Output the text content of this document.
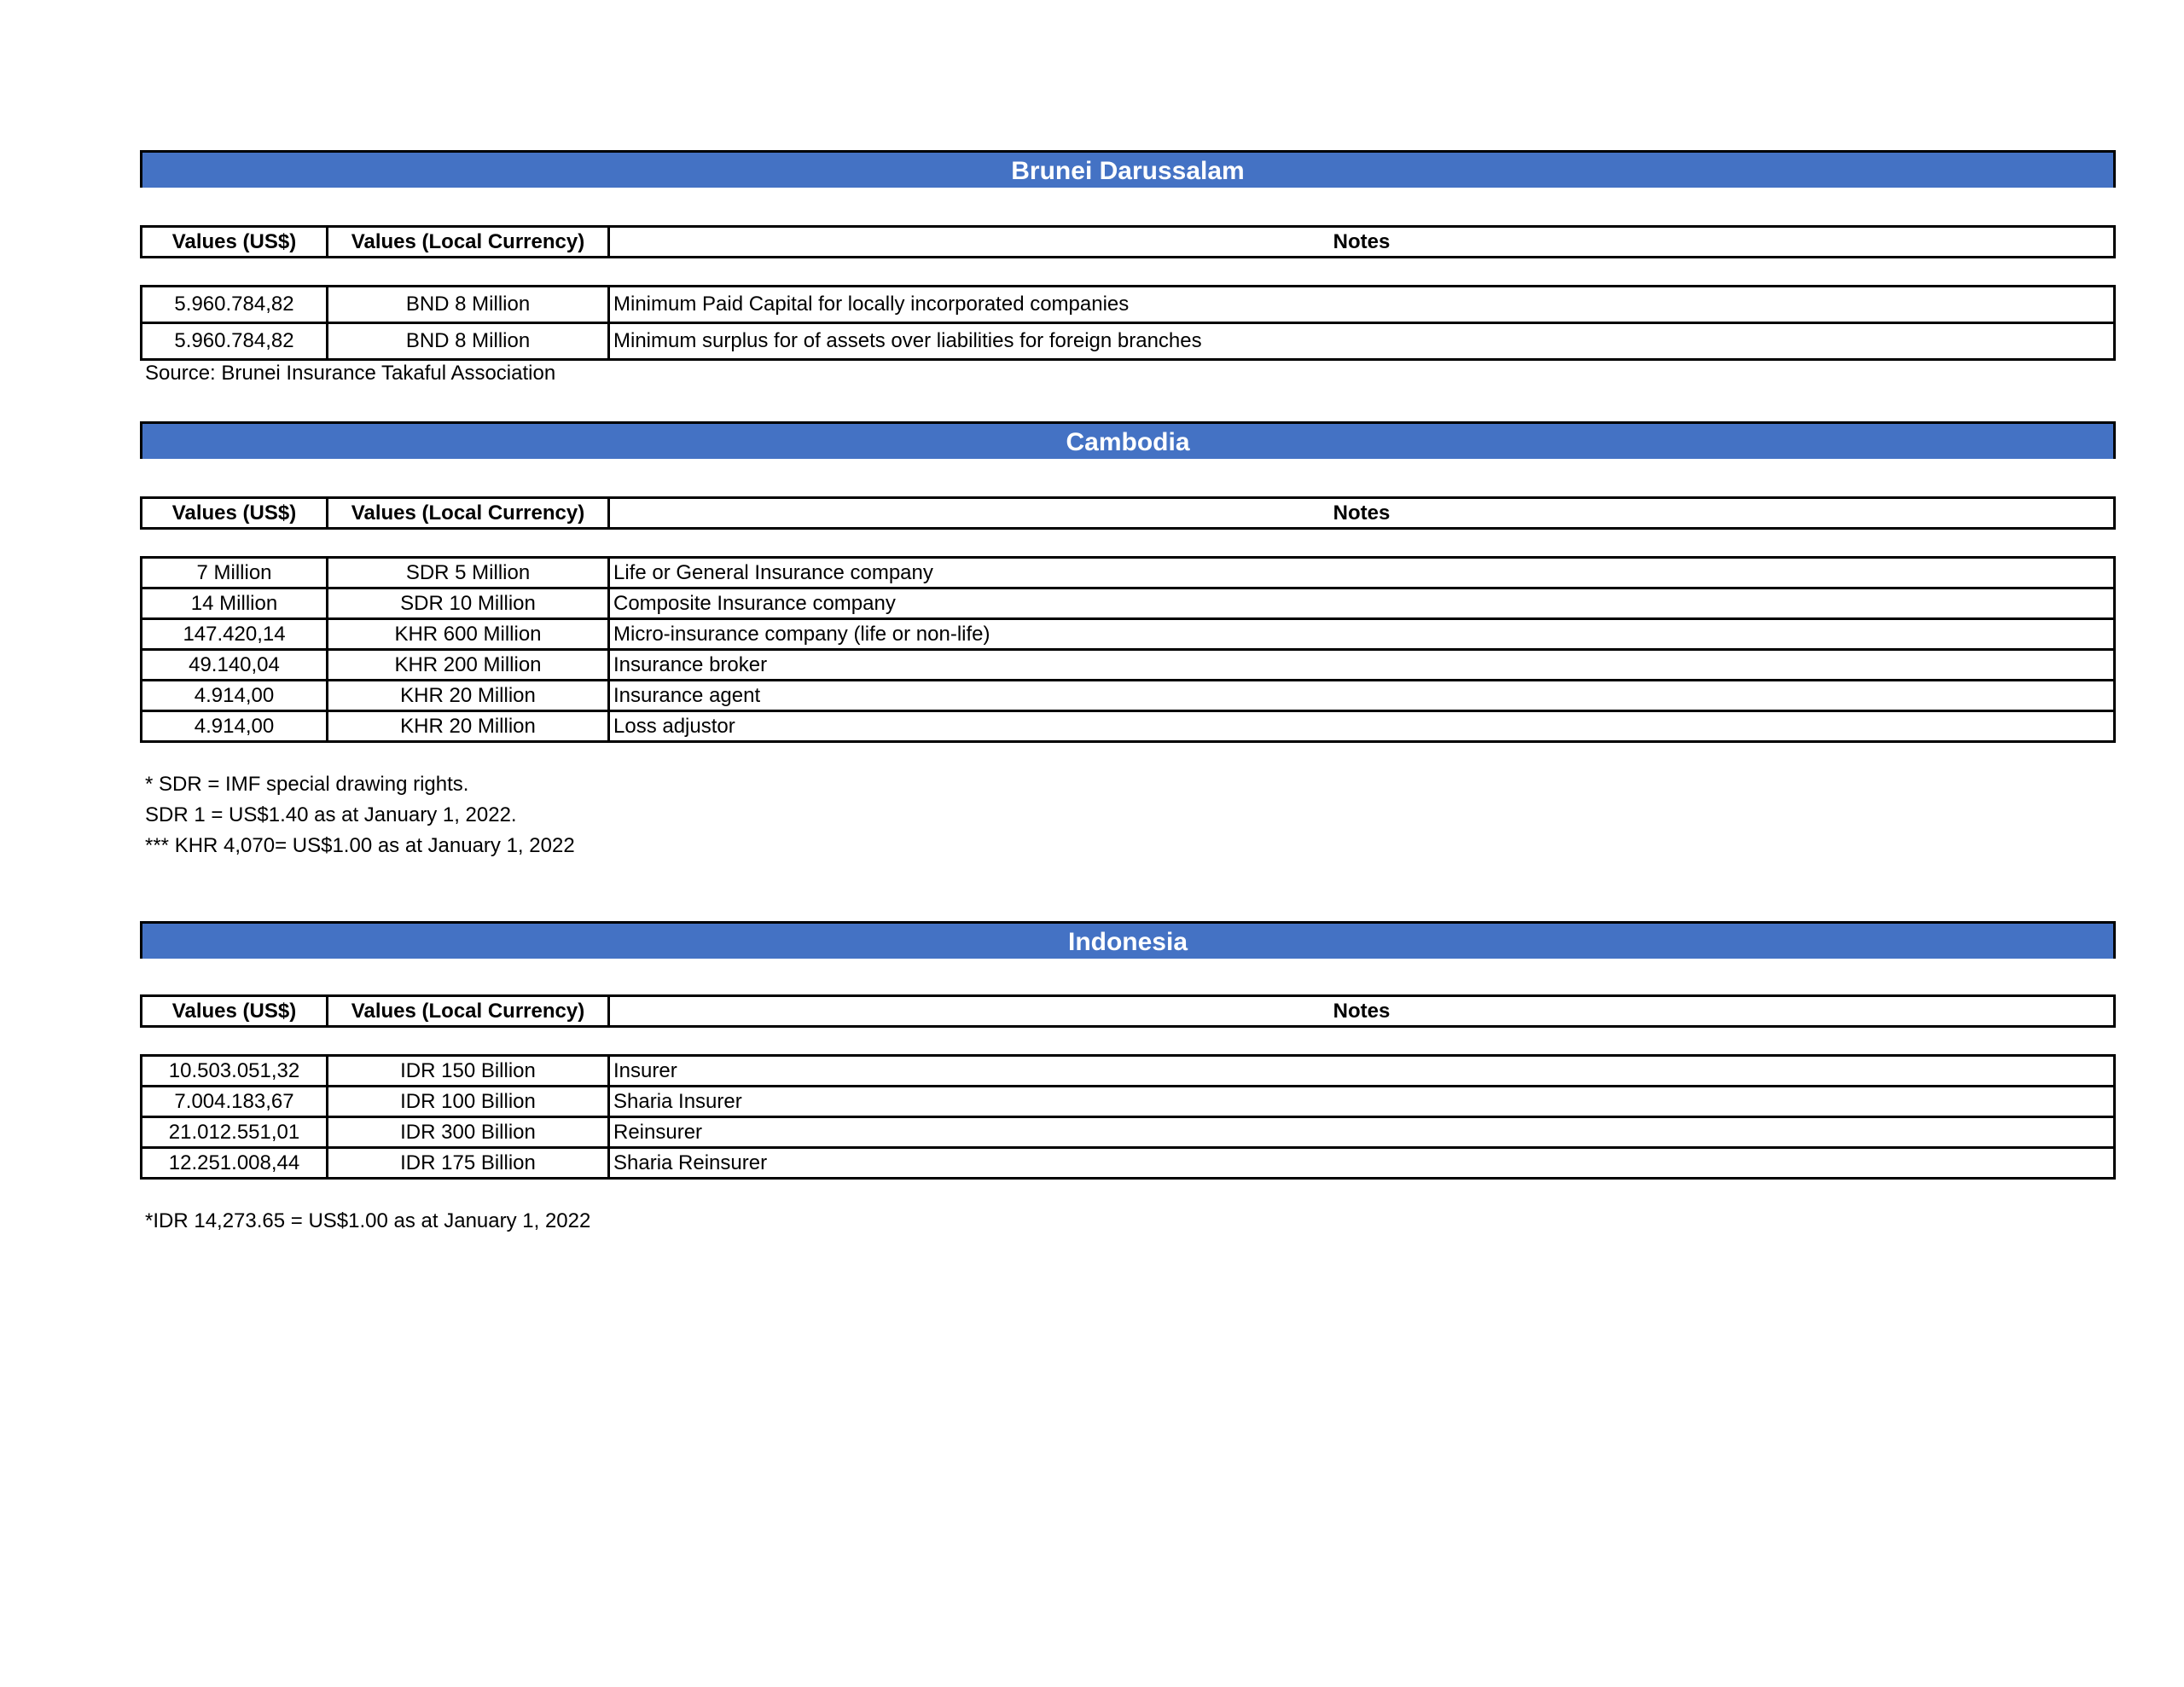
Brunei Darussalam
Values (US$)	Values (Local Currency)	Notes
5.960.784,82	BND 8 Million	Minimum Paid Capital for locally incorporated companies
5.960.784,82	BND 8 Million	Minimum surplus for of assets over liabilities for foreign branches
Source: Brunei Insurance Takaful Association
Cambodia
Values (US$)	Values (Local Currency)	Notes
7 Million	SDR 5 Million	Life or General Insurance company
14 Million	SDR 10 Million	Composite Insurance company
147.420,14	KHR 600 Million	Micro-insurance company (life or non-life)
49.140,04	KHR 200 Million	Insurance broker
4.914,00	KHR 20 Million	Insurance agent
4.914,00	KHR 20 Million	Loss adjustor
* SDR = IMF special drawing rights.
SDR 1 = US$1.40 as at January 1, 2022.
*** KHR 4,070= US$1.00 as at January 1, 2022
Indonesia
Values (US$)	Values (Local Currency)	Notes
10.503.051,32	IDR 150 Billion	Insurer
7.004.183,67	IDR 100 Billion	Sharia Insurer
21.012.551,01	IDR 300 Billion	Reinsurer
12.251.008,44	IDR 175 Billion	Sharia Reinsurer
*IDR 14,273.65 = US$1.00 as at January 1, 2022
